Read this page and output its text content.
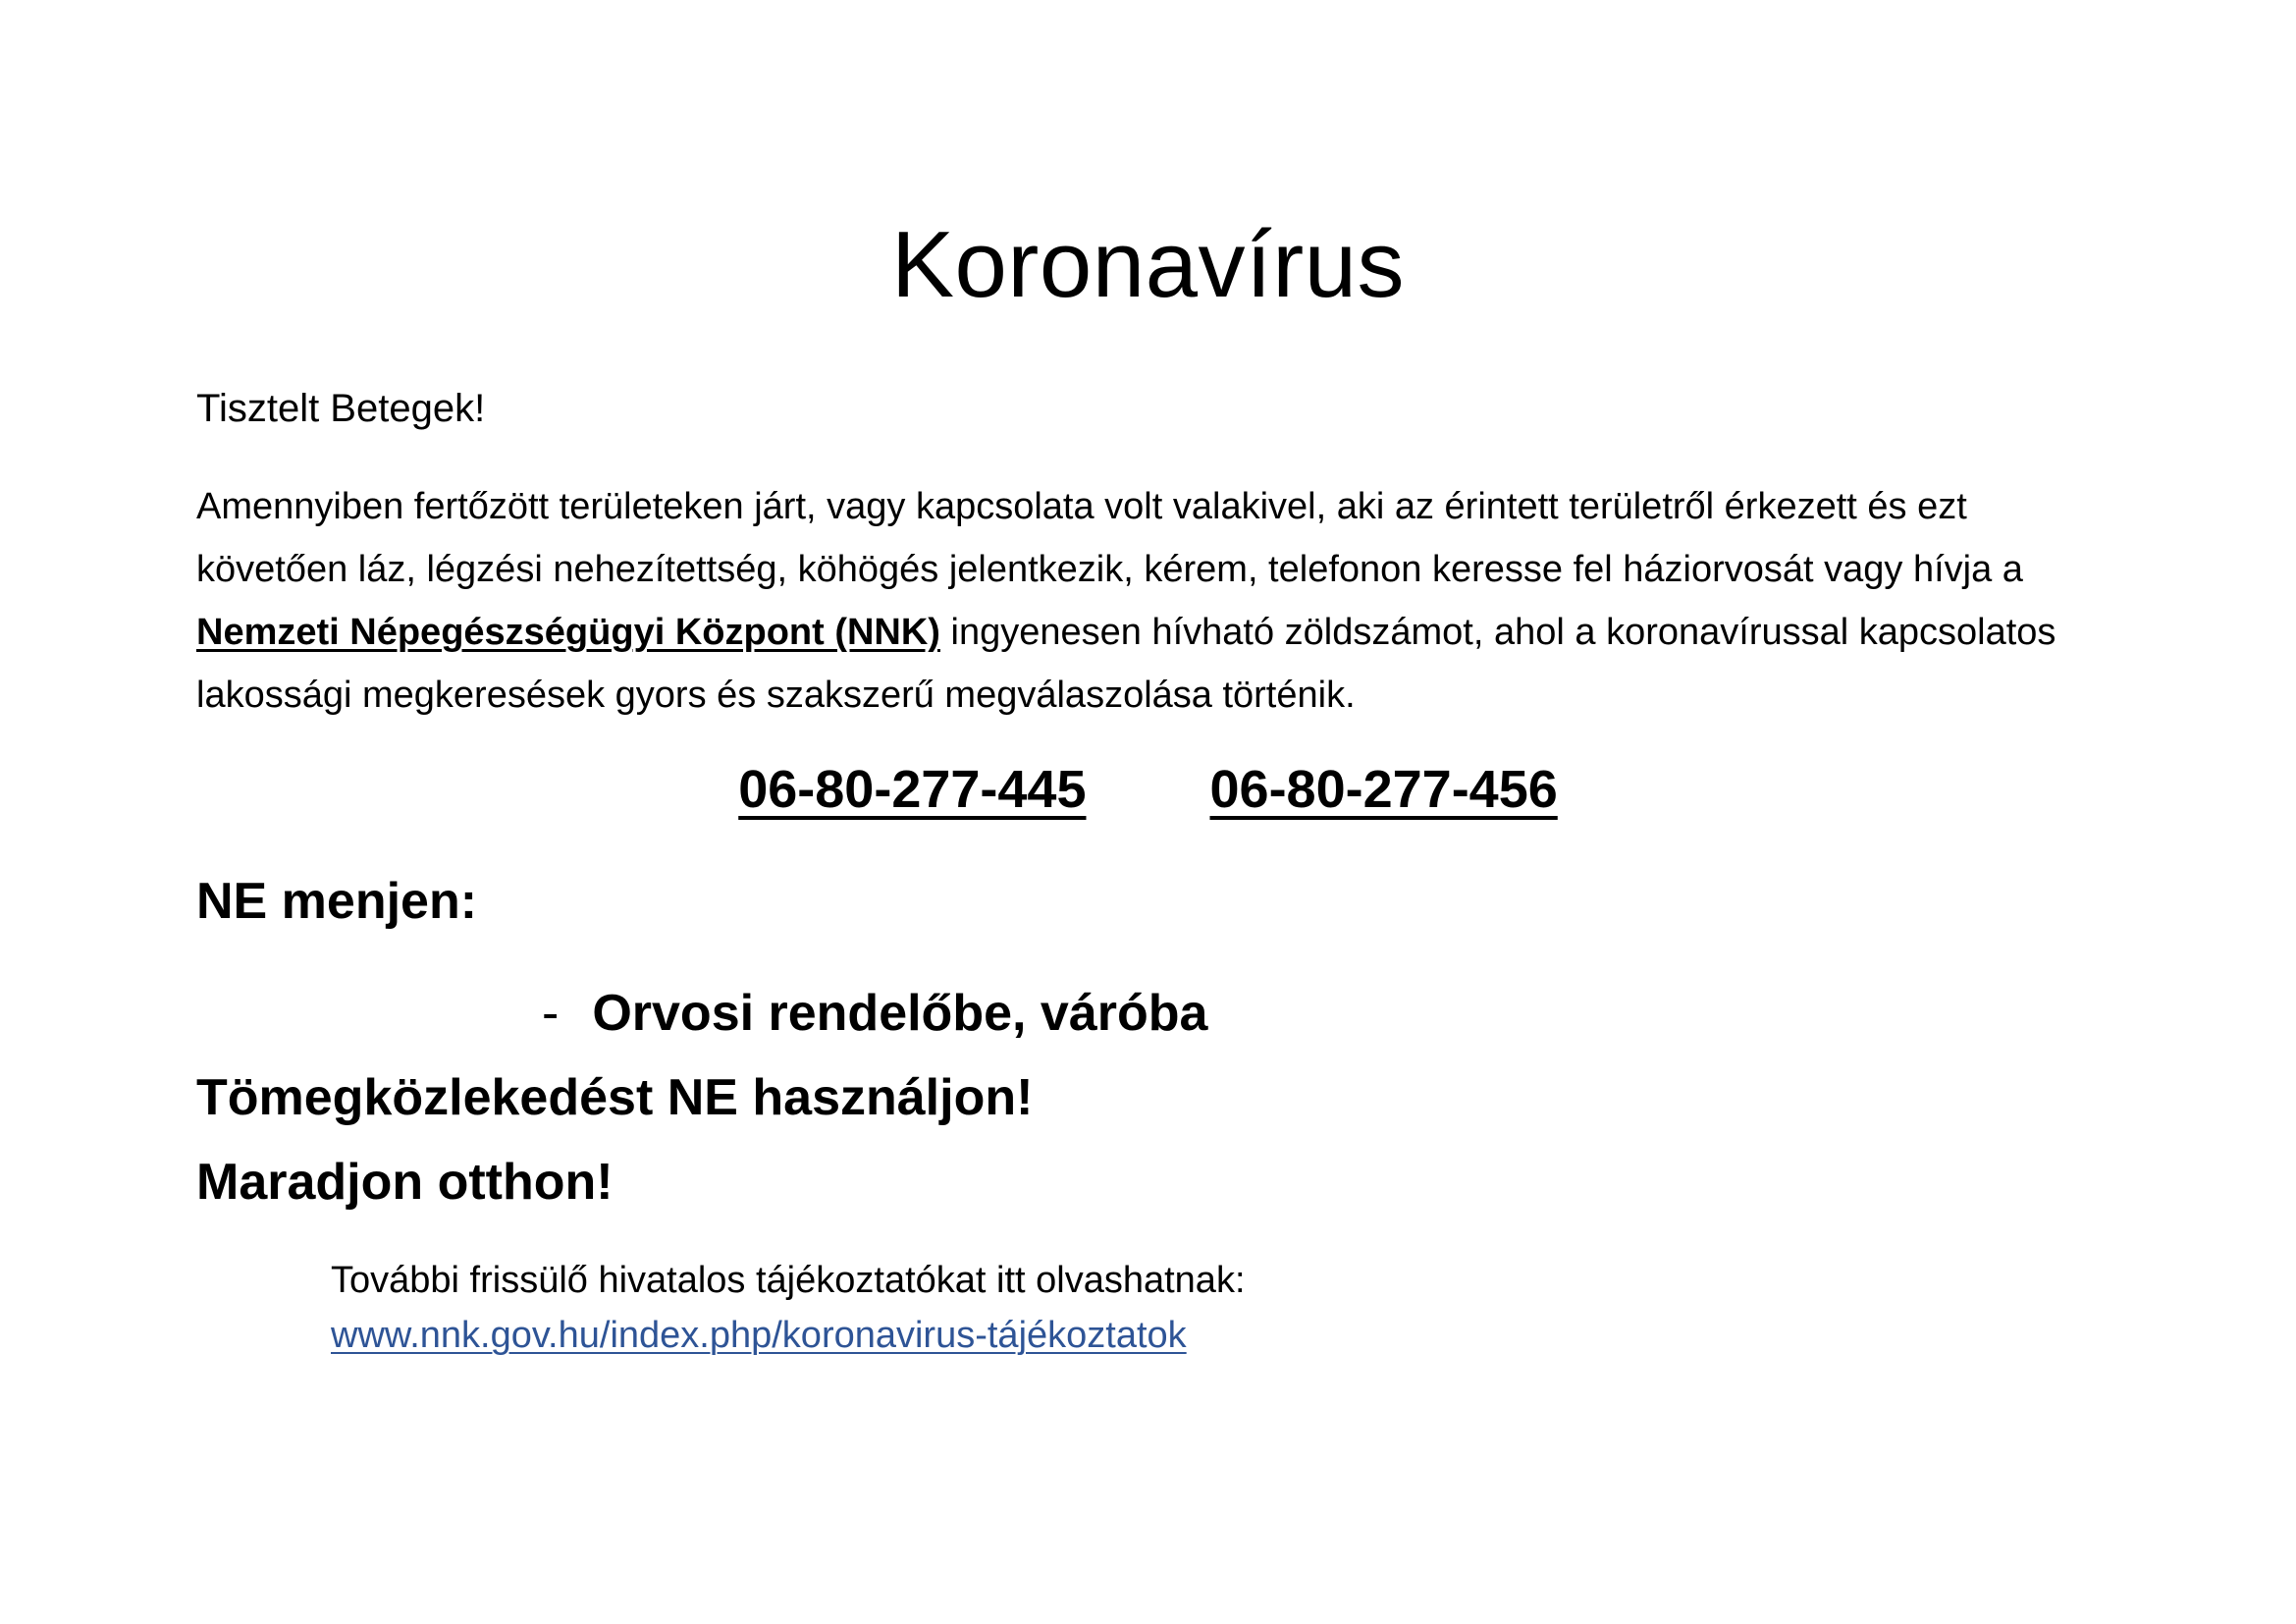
Koronavírus

Tisztelt Betegek!

Amennyiben fertőzött területeken járt, vagy kapcsolata volt valakivel, aki az érintett területről érkezett és ezt követően láz, légzési nehezítettség, köhögés jelentkezik, kérem, telefonon keresse fel háziorvosát vagy hívja a Nemzeti Népegészségügyi Központ (NNK) ingyenesen hívható zöldszámot, ahol a koronavírussal kapcsolatos lakossági megkeresések gyors és szakszerű megválaszolása történik.

06-80-277-445 06-80-277-456

NE menjen:

- Orvosi rendelőbe, váróba

Tömegközlekedést NE használjon!

Maradjon otthon!

További frissülő hivatalos tájékoztatókat itt olvashatnak:

www.nnk.gov.hu/index.php/koronavirus-tájékoztatok
